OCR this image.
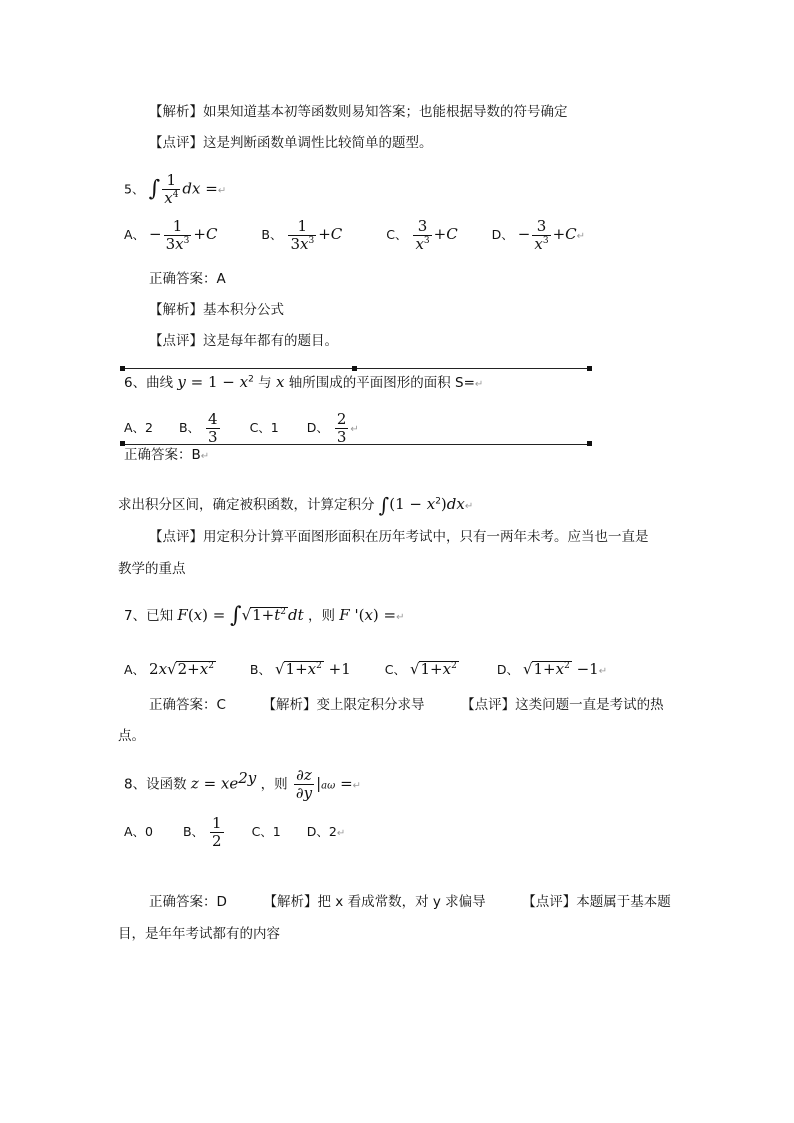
【解析】如果知道基本初等函数则易知答案；也能根据导数的符号确定
【点评】这是判断函数单调性比较简单的题型。
5、 ∫ $\frac{1}{x^4}$ dx =↵
A、 − $\frac{1}{3x^3} +C$	B、 $\frac{1}{3x^3} +C$	C、 $\frac{3}{x^3} +C$	D、 − $\frac{3}{x^3}$ +C↵
正确答案：A
【解析】基本积分公式
【点评】这是每年都有的题目。
6、曲线 $y = 1 - x^2$ 与 x 轴所围成的平面图形的面积 S=↵
A、2 B、 $\frac{4}{3}$ C、1 D、 $\frac{2}{3}$ ↵
正确答案：B↵
求出积分区间，确定被积函数，计算定积分 $\int(1 - x^2)dx↵$
【点评】用定积分计算平面图形面积在历年考试中，只有一两年未考。应当也一直是
教学的重点
7、已知 $F(x) = \int√1+t^2$ dt ，则 F '(x) =↵
A、 $2x√2+x^2$	B、 $√1+x^2 +1$	C、 $√1+x^2$	D、 $√1+x^2$ −1↵
正确答案：C	【解析】变上限定积分求导	【点评】这类问题一直是考试的热
点。
8、设函数 $z = xe^{2y}$ ，则 $\frac{\partial z}{\partial y} |a\omega$ =↵
A、0 B、 $\frac{1}{2}$ C、1 D、2↵
正确答案：D	【解析】把 x 看成常数，对 y 求偏导	【点评】本题属于基本题
目，是年年考试都有的内容
